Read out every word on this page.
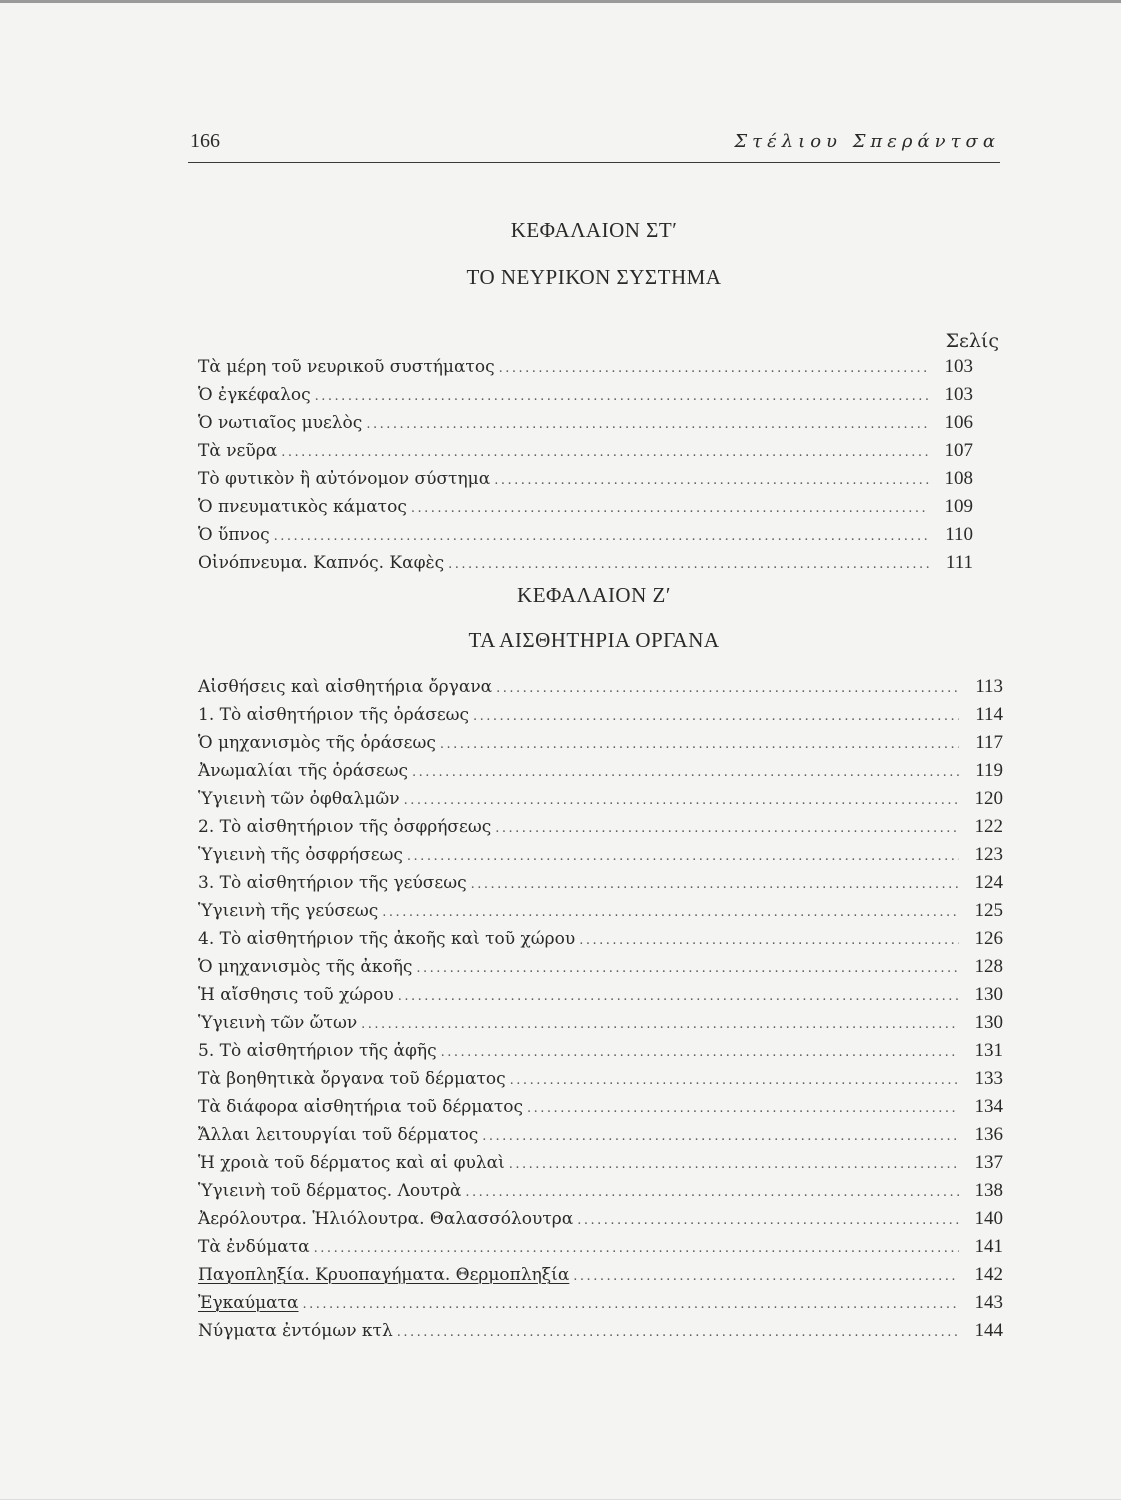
166	Στέλιου Σπεράντσα
ΚΕΦΑΛΑΙΟΝ ΣΤʹ
ΤΟ ΝΕΥΡΙΚΟΝ ΣΥΣΤΗΜΑ
Σελίς
Τὰ μέρη τοῦ νευρικοῦ συστήματος .....	103
Ὁ ἐγκέφαλος .....	103
Ὁ νωτιαῖος μυελὸς .....	106
Τὰ νεῦρα .....	107
Τὸ φυτικὸν ἢ αὐτόνομον σύστημα .....	108
Ὁ πνευματικὸς κάματος .....	109
Ὁ ὕπνος .....	110
Οἰνόπνευμα. Καπνός. Καφὲς .....	111
ΚΕΦΑΛΑΙΟΝ Ζʹ
ΤΑ ΑΙΣΘΗΤΗΡΙΑ ΟΡΓΑΝΑ
Αἰσθήσεις καὶ αἰσθητήρια ὄργανα .....	113
1. Τὸ αἰσθητήριον τῆς ὁράσεως .....	114
Ὁ μηχανισμὸς τῆς ὁράσεως .....	117
Ἀνωμαλίαι τῆς ὁράσεως .....	119
Ὑγιεινὴ τῶν ὀφθαλμῶν .....	120
2. Τὸ αἰσθητήριον τῆς ὀσφρήσεως .....	122
Ὑγιεινὴ τῆς ὀσφρήσεως .....	123
3. Τὸ αἰσθητήριον τῆς γεύσεως .....	124
Ὑγιεινὴ τῆς γεύσεως .....	125
4. Τὸ αἰσθητήριον τῆς ἀκοῆς καὶ τοῦ χώρου .....	126
Ὁ μηχανισμὸς τῆς ἀκοῆς .....	128
Ἡ αἴσθησις τοῦ χώρου .....	130
Ὑγιεινὴ τῶν ὤτων .....	130
5. Τὸ αἰσθητήριον τῆς ἁφῆς .....	131
Τὰ βοηθητικὰ ὄργανα τοῦ δέρματος .....	133
Τὰ διάφορα αἰσθητήρια τοῦ δέρματος .....	134
Ἄλλαι λειτουργίαι τοῦ δέρματος .....	136
Ἡ χροιὰ τοῦ δέρματος καὶ αἱ φυλαὶ .....	137
Ὑγιεινὴ τοῦ δέρματος. Λουτρὰ .....	138
Ἀερόλουτρα. Ἡλιόλουτρα. Θαλασσόλουτρα .....	140
Τὰ ἐνδύματα .....	141
Παγοπληξία. Κρυοπαγήματα. Θερμοπληξία .....	142
Ἐγκαύματα .....	143
Νύγματα ἐντόμων κτλ .....	144
